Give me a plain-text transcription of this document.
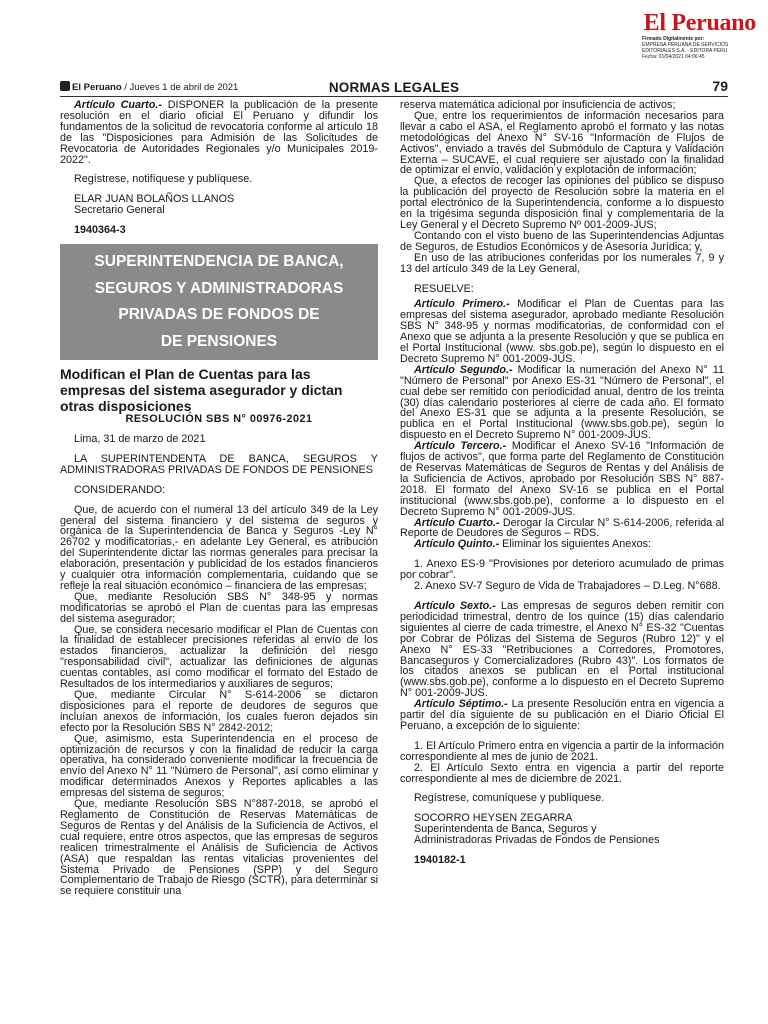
El Peruano
Firmado Digitalmente por:
EMPRESA PERUANA DE SERVICIOS
EDITORIALES S.A. - EDITORA PERU
Fecha: 01/04/2021 04:06:45
El Peruano / Jueves 1 de abril de 2021	NORMAS LEGALES	79

Artículo Cuarto.- DISPONER la publicación de la presente resolución en el diario oficial El Peruano y difundir los fundamentos de la solicitud de revocatoria conforme al artículo 18 de las "Disposiciones para Admisión de las Solicitudes de Revocatoria de Autoridades Regionales y/o Municipales 2019-2022".

Regístrese, notifíquese y publíquese.

ELAR JUAN BOLAÑOS LLANOS

Secretario General

1940364-3

SUPERINTENDENCIA DE BANCA,
SEGUROS Y ADMINISTRADORAS
PRIVADAS DE FONDOS DE
DE PENSIONES

Modifican el Plan de Cuentas para las empresas del sistema asegurador y dictan otras disposiciones

RESOLUCIÓN SBS N° 00976-2021

Lima, 31 de marzo de 2021

LA SUPERINTENDENTA DE BANCA, SEGUROS Y ADMINISTRADORAS PRIVADAS DE FONDOS DE PENSIONES

CONSIDERANDO:

Que, de acuerdo con el numeral 13 del artículo 349 de la Ley general del sistema financiero y del sistema de seguros y orgánica de la Superintendencia de Banca y Seguros -Ley N° 26702 y modificatorias,- en adelante Ley General, es atribución del Superintendente dictar las normas generales para precisar la elaboración, presentación y publicidad de los estados financieros y cualquier otra información complementaria, cuidando que se refleje la real situación económico – financiera de las empresas;

Que, mediante Resolución SBS N° 348-95 y normas modificatorias se aprobó el Plan de cuentas para las empresas del sistema asegurador;

Que, se considera necesario modificar el Plan de Cuentas con la finalidad de establecer precisiones referidas al envío de los estados financieros, actualizar la definición del riesgo "responsabilidad civil", actualizar las definiciones de algunas cuentas contables, así como modificar el formato del Estado de Resultados de los intermediarios y auxiliares de seguros;

Que, mediante Circular N° S-614-2006 se dictaron disposiciones para el reporte de deudores de seguros que incluían anexos de información, los cuales fueron dejados sin efecto por la Resolución SBS N° 2842-2012;

Que, asimismo, esta Superintendencia en el proceso de optimización de recursos y con la finalidad de reducir la carga operativa, ha considerado conveniente modificar la frecuencia de envío del Anexo N° 11 "Número de Personal", así como eliminar y modificar determinados Anexos y Reportes aplicables a las empresas del sistema de seguros;

Que, mediante Resolución SBS N°887-2018, se aprobó el Reglamento de Constitución de Reservas Matemáticas de Seguros de Rentas y del Análisis de la Suficiencia de Activos, el cual requiere, entre otros aspectos, que las empresas de seguros realicen trimestralmente el Análisis de Suficiencia de Activos (ASA) que respaldan las rentas vitalicias provenientes del Sistema Privado de Pensiones (SPP) y del Seguro Complementario de Trabajo de Riesgo (SCTR), para determinar si se requiere constituir una

reserva matemática adicional por insuficiencia de activos;

Que, entre los requerimientos de información necesarios para llevar a cabo el ASA, el Reglamento aprobó el formato y las notas metodológicas del Anexo N° SV-16 "Información de Flujos de Activos", enviado a través del Submódulo de Captura y Validación Externa – SUCAVE, el cual requiere ser ajustado con la finalidad de optimizar el envío, validación y explotación de información;

Que, a efectos de recoger las opiniones del público se dispuso la publicación del proyecto de Resolución sobre la materia en el portal electrónico de la Superintendencia, conforme a lo dispuesto en la trigésima segunda disposición final y complementaria de la Ley General y el Decreto Supremo Nº 001-2009-JUS;

Contando con el visto bueno de las Superintendencias Adjuntas de Seguros, de Estudios Económicos y de Asesoría Jurídica; y,

En uso de las atribuciones conferidas por los numerales 7, 9 y 13 del artículo 349 de la Ley General,

RESUELVE:

Artículo Primero.- Modificar el Plan de Cuentas para las empresas del sistema asegurador, aprobado mediante Resolución SBS N° 348-95 y normas modificatorias, de conformidad con el Anexo que se adjunta a la presente Resolución y que se publica en el Portal Institucional (www. sbs.gob.pe), según lo dispuesto en el Decreto Supremo N° 001-2009-JUS.

Artículo Segundo.- Modificar la numeración del Anexo N° 11 "Número de Personal" por Anexo ES-31 "Número de Personal", el cual debe ser remitido con periodicidad anual, dentro de los treinta (30) días calendario posteriores al cierre de cada año. El formato del Anexo ES-31 que se adjunta a la presente Resolución, se publica en el Portal Institucional (www.sbs.gob.pe), según lo dispuesto en el Decreto Supremo N° 001-2009-JUS.

Artículo Tercero.- Modificar el Anexo SV-16 "Información de flujos de activos", que forma parte del Reglamento de Constitución de Reservas Matemáticas de Seguros de Rentas y del Análisis de la Suficiencia de Activos, aprobado por Resolución SBS N° 887-2018. El formato del Anexo SV-16 se publica en el Portal institucional (www.sbs.gob.pe), conforme a lo dispuesto en el Decreto Supremo N° 001-2009-JUS.

Artículo Cuarto.- Derogar la Circular N° S-614-2006, referida al Reporte de Deudores de Seguros – RDS.

Artículo Quinto.- Eliminar los siguientes Anexos:

1. Anexo ES-9 "Provisiones por deterioro acumulado de primas por cobrar".

2. Anexo SV-7 Seguro de Vida de Trabajadores – D.Leg. N°688.

Artículo Sexto.- Las empresas de seguros deben remitir con periodicidad trimestral, dentro de los quince (15) días calendario siguientes al cierre de cada trimestre, el Anexo N° ES-32 "Cuentas por Cobrar de Pólizas del Sistema de Seguros (Rubro 12)" y el Anexo N° ES-33 "Retribuciones a Corredores, Promotores, Bancaseguros y Comercializadores (Rubro 43)". Los formatos de los citados anexos se publican en el Portal institucional (www.sbs.gob.pe), conforme a lo dispuesto en el Decreto Supremo N° 001-2009-JUS.

Artículo Séptimo.- La presente Resolución entra en vigencia a partir del día siguiente de su publicación en el Diario Oficial El Peruano, a excepción de lo siguiente:

1. El Artículo Primero entra en vigencia a partir de la información correspondiente al mes de junio de 2021.

2. El Artículo Sexto entra en vigencia a partir del reporte correspondiente al mes de diciembre de 2021.

Regístrese, comuníquese y publíquese.

SOCORRO HEYSEN ZEGARRA

Superintendenta de Banca, Seguros y

Administradoras Privadas de Fondos de Pensiones

1940182-1
